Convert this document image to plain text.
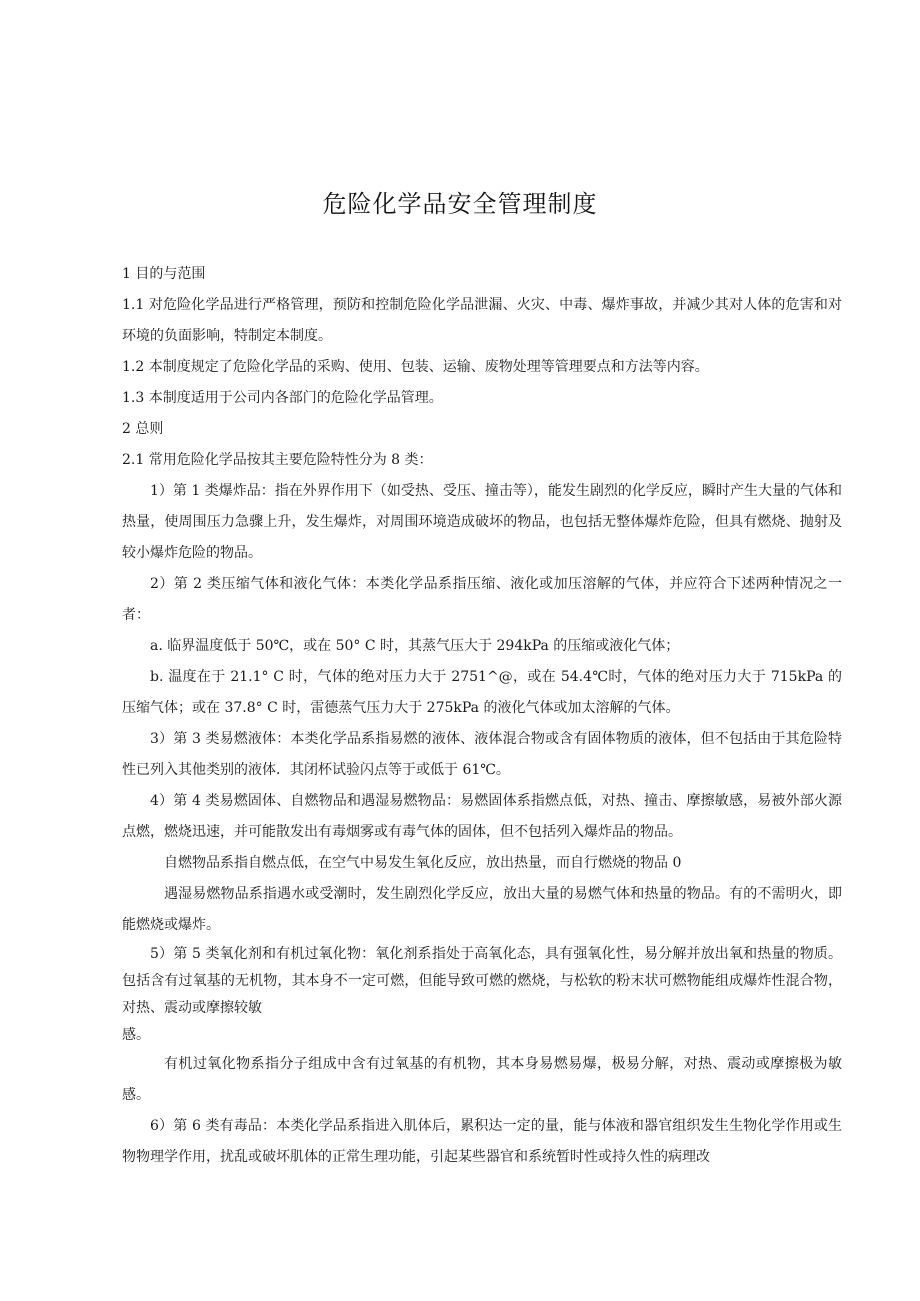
危险化学品安全管理制度

1 目的与范围

1.1 对危险化学品进行严格管理，预防和控制危险化学品泄漏、火灾、中毒、爆炸事故，并减少其对人体的危害和对环境的负面影响，特制定本制度。

1.2 本制度规定了危险化学品的采购、使用、包装、运输、废物处理等管理要点和方法等内容。

1.3 本制度适用于公司内各部门的危险化学品管理。

2 总则

2.1 常用危险化学品按其主要危险特性分为 8 类：

1）第 1 类爆炸品：指在外界作用下（如受热、受压、撞击等），能发生剧烈的化学反应，瞬时产生大量的气体和热量，使周围压力急骤上升，发生爆炸，对周围环境造成破坏的物品，也包括无整体爆炸危险，但具有燃烧、抛射及较小爆炸危险的物品。

2）第 2 类压缩气体和液化气体：本类化学品系指压缩、液化或加压溶解的气体，并应符合下述两种情况之一者：

a. 临界温度低于 50℃，或在 50° C 时，其蒸气压大于 294kPa 的压缩或液化气体；

b. 温度在于 21.1° C 时，气体的绝对压力大于 2751^@，或在 54.4℃时，气体的绝对压力大于 715kPa 的压缩气体；或在 37.8° C 时，雷德蒸气压力大于 275kPa 的液化气体或加太溶解的气体。

3）第 3 类易燃液体：本类化学品系指易燃的液体、液体混合物或含有固体物质的液体，但不包括由于其危险特性已列入其他类别的液体．其闭杯试验闪点等于或低于 61℃。

4）第 4 类易燃固体、自燃物品和遇湿易燃物品：易燃固体系指燃点低，对热、撞击、摩擦敏感，易被外部火源点燃，燃烧迅速，并可能散发出有毒烟雾或有毒气体的固体，但不包括列入爆炸品的物品。

自燃物品系指自燃点低，在空气中易发生氧化反应，放出热量，而自行燃烧的物品 0

遇湿易燃物品系指遇水或受潮时，发生剧烈化学反应，放出大量的易燃气体和热量的物品。有的不需明火，即能燃烧或爆炸。

5）第 5 类氧化剂和有机过氧化物：氧化剂系指处于高氧化态，具有强氧化性，易分解并放出氧和热量的物质。包括含有过氧基的无机物，其本身不一定可燃，但能导致可燃的燃烧，与松软的粉末状可燃物能组成爆炸性混合物，对热、震动或摩擦较敏

感。

有机过氧化物系指分子组成中含有过氧基的有机物，其本身易燃易爆，极易分解，对热、震动或摩擦极为敏感。

6）第 6 类有毒品：本类化学品系指进入肌体后，累积达一定的量，能与体液和器官组织发生生物化学作用或生物物理学作用，扰乱或破坏肌体的正常生理功能，引起某些器官和系统暂时性或持久性的病理改
